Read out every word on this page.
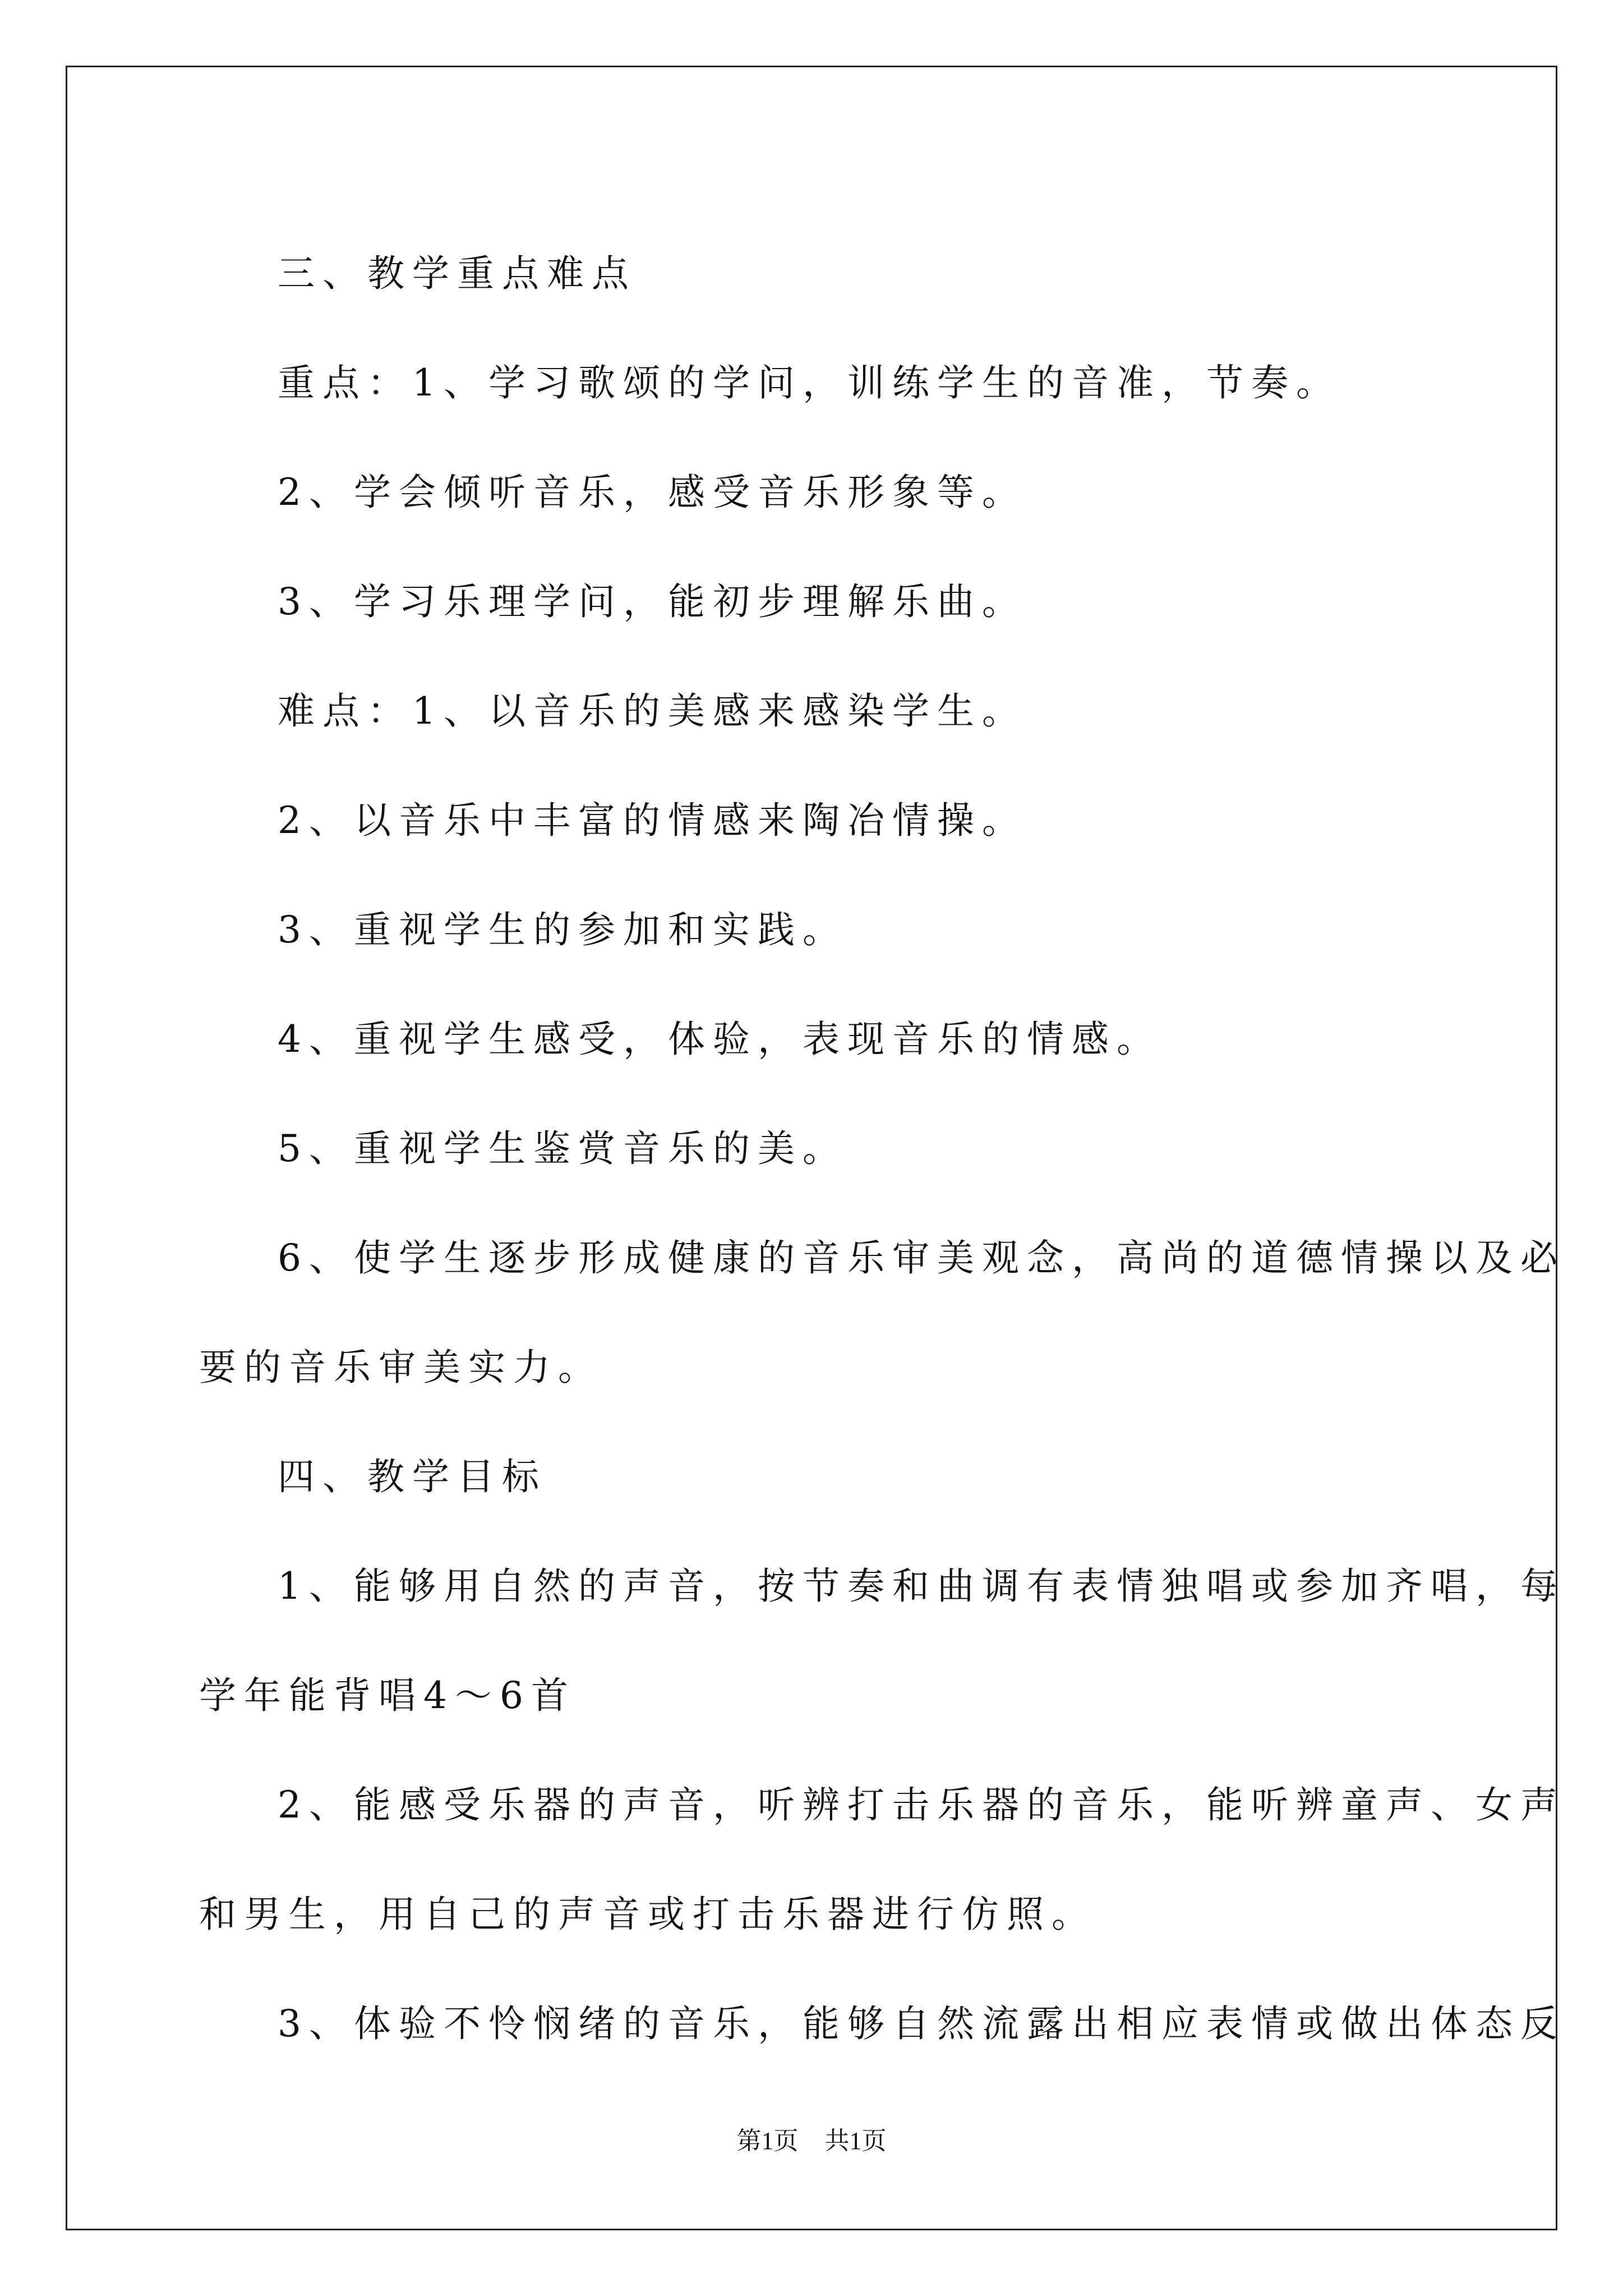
三、教学重点难点

重点：1、学习歌颂的学问，训练学生的音准，节奏。

2、学会倾听音乐，感受音乐形象等。

3、学习乐理学问，能初步理解乐曲。

难点：1、以音乐的美感来感染学生。

2、以音乐中丰富的情感来陶冶情操。

3、重视学生的参加和实践。

4、重视学生感受，体验，表现音乐的情感。

5、重视学生鉴赏音乐的美。

6、使学生逐步形成健康的音乐审美观念，高尚的道德情操以及必

要的音乐审美实力。

四、教学目标

1、能够用自然的声音，按节奏和曲调有表情独唱或参加齐唱，每

学年能背唱4～6首

2、能感受乐器的声音，听辨打击乐器的音乐，能听辨童声、女声

和男生，用自己的声音或打击乐器进行仿照。

3、体验不怜悯绪的音乐，能够自然流露出相应表情或做出体态反

第1页 共1页
